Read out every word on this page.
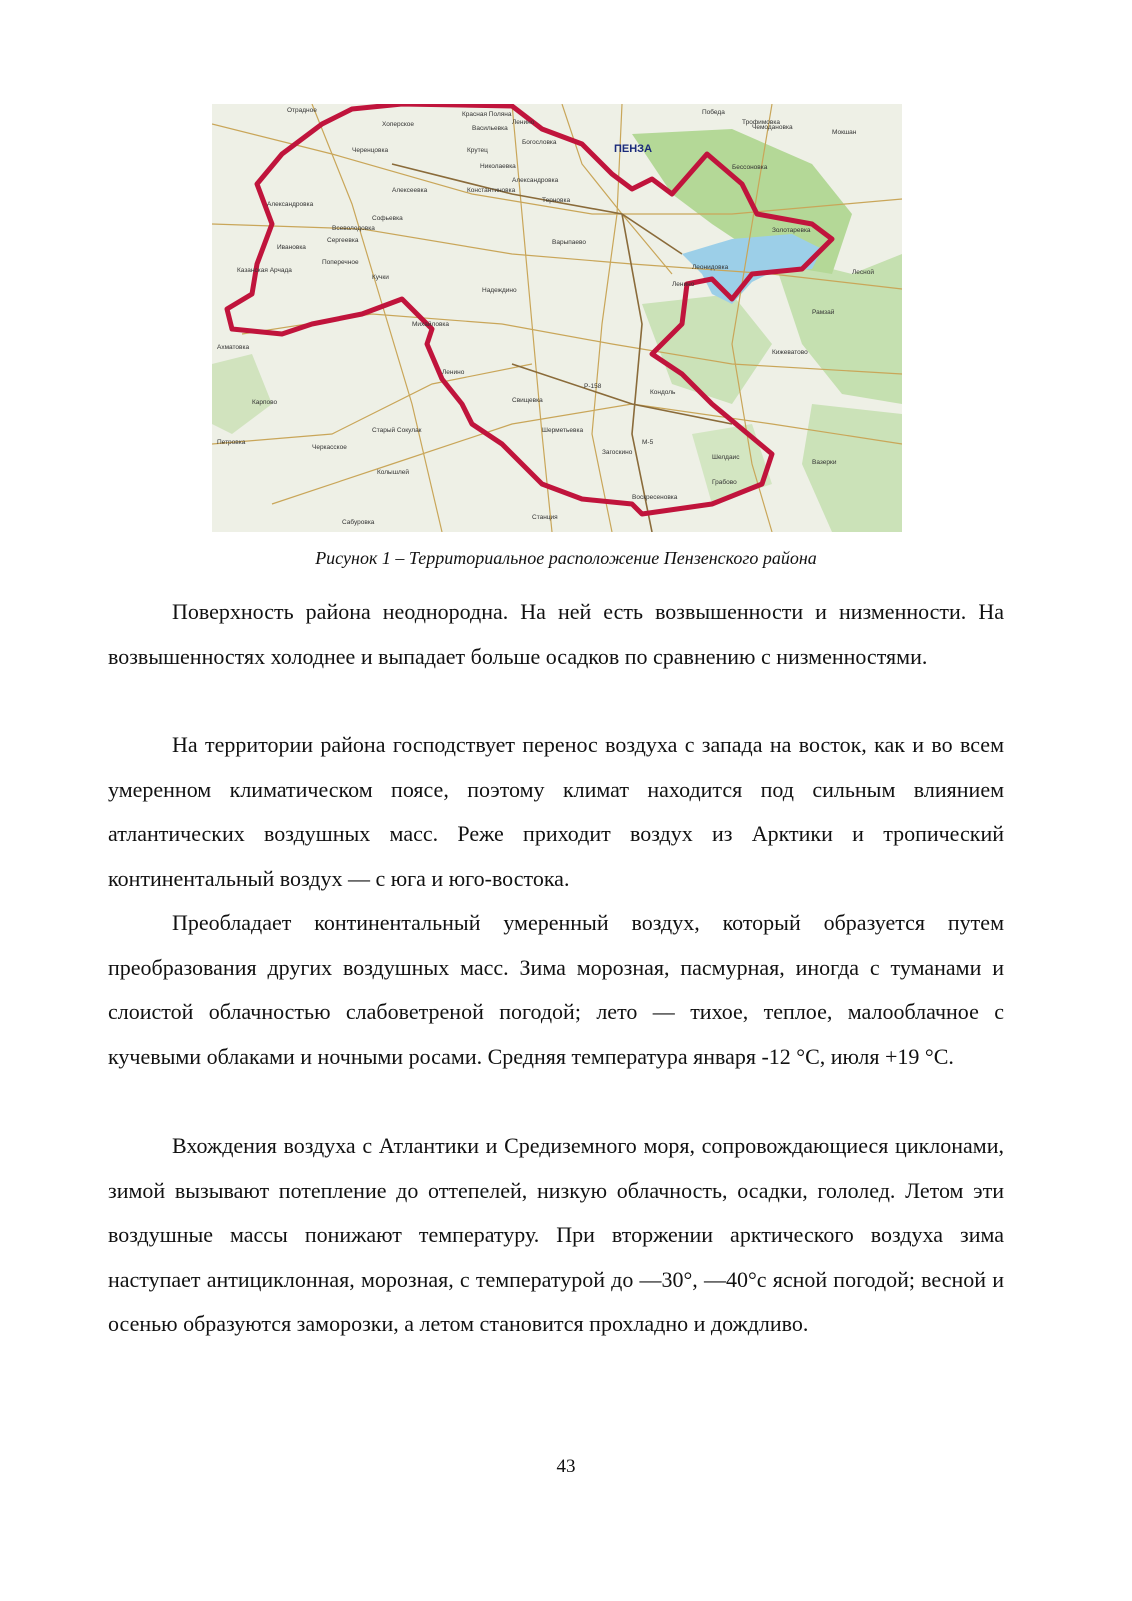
ПЕНЗА
Отрадное
Хоперское
Красная Поляна
Васильевка
Ленино
Черенцовка	Крутец
Богословка
Николаевка
Александровка
Константиновка
Алексеевка
Терновка
Александровка
Софьевка
Всеволодовка
Сергеевка
Ивановка
Поперечное
Казанская Арчада
Кучки
Надеждино
Михайловка
Ленино
Кондоль
Колышлей
Вазерки
Золотаревка
Лесной
Старый Сокулак
Трофимовка
Мокшан
Чемодановка
Бессоновка
Победа
Кижеватово
Ахматовка
Карпово
Петровка
Черкасское
Сабуровка
Станция
Рамзай
Свищевка
Шерметьевка
Загоскино
Шелдаис
Грабово
Варыпаево
Воскресеновка
Леонидовка
Ленино
Р-158
М-5
Рисунок 1 – Территориальное расположение Пензенского района

Поверхность района неоднородна. На ней есть возвышенности и низменности. На возвышенностях холоднее и выпадает больше осадков по сравнению с низменностями.

На территории района господствует перенос воздуха с запада на восток, как и во всем умеренном климатическом поясе, поэтому климат находится под сильным влиянием атлантических воздушных масс. Реже приходит воздух из Арктики и тропический континентальный воздух — с юга и юго-востока.

Преобладает континентальный умеренный воздух, который образуется путем преобразования других воздушных масс. Зима морозная, пасмурная, иногда с туманами и слоистой облачностью слабоветреной погодой; лето — тихое, теплое, малооблачное с кучевыми облаками и ночными росами. Средняя температура января -12 °С, июля +19 °С.

Вхождения воздуха с Атлантики и Средиземного моря, сопровождающиеся циклонами, зимой вызывают потепление до оттепелей, низкую облачность, осадки, гололед. Летом эти воздушные массы понижают температуру. При вторжении арктического воздуха зима наступает антициклонная, морозная, с температурой до —30°, —40°с ясной погодой; весной и осенью образуются заморозки, а летом становится прохладно и дождливо.

43
